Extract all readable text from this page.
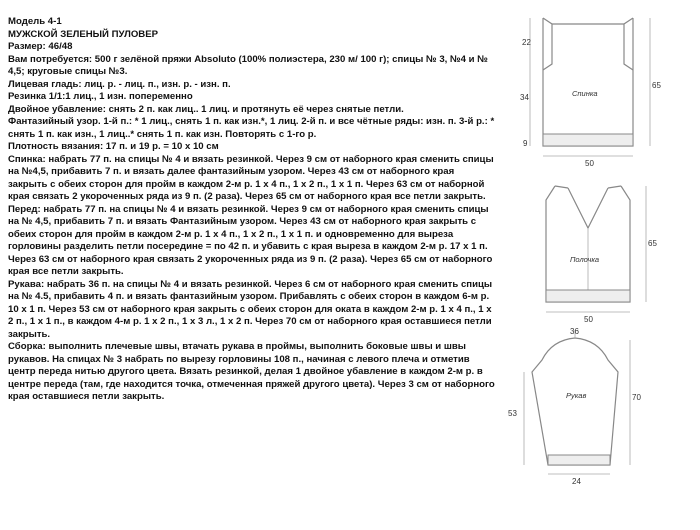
Модель 4-1
МУЖСКОЙ ЗЕЛЕНЫЙ ПУЛОВЕР
Размер: 46/48
Вам потребуется: 500 г зелёной пряжи Absoluto (100% полиэстера, 230 м/ 100 г); спицы № 3, №4 и № 4,5; круговые спицы №3.
Лицевая гладь: лиц. р. - лиц. п., изн. р. - изн. п.
Резинка 1/1:1 лиц., 1 изн. попеременно
Двойное убавление: снять 2 п. как лиц.. 1 лиц. и протянуть её через снятые петли.
Фантазийный узор. 1-й п.: * 1 лиц., снять 1 п. как изн.*, 1 лиц. 2-й п. и все чётные ряды: изн. п. 3-й р.: * снять 1 п. как изн., 1 лиц..* снять 1 п. как изн. Повторять с 1-го р.
Плотность вязания: 17 п. и 19 р. = 10 х 10 см
Спинка: набрать 77 п. на спицы № 4 и вязать резинкой. Через 9 см от наборного края сменить спицы на №4,5, прибавить 7 п. и вязать далее фантазийным узором. Через 43 см от наборного края закрыть с обеих сторон для пройм в каждом 2-м р. 1 х 4 п., 1 х 2 п., 1 х 1 п. Через 63 см от наборной края связать 2 укороченных ряда из 9 п. (2 раза). Через 65 см от наборного края все петли закрыть.
Перед: набрать 77 п. на спицы № 4 и вязать резинкой. Через 9 см от наборного края сменить спицы на № 4,5, прибавить 7 п. и вязать Фантазийным узором. Через 43 см от наборного края закрыть с обеих сторон для пройм в каждом 2-м р. 1 х 4 п., 1 х 2 п., 1 х 1 п. и одновременно для выреза горловины разделить петли посередине = по 42 п. и убавить с края выреза в каждом 2-м р. 17 х 1 п. Через 63 см от наборного края связать 2 укороченных ряда из 9 п. (2 раза). Через 65 см от наборного края все петли закрыть.
Рукава: набрать 36 п. на спицы № 4 и вязать резинкой. Через 6 см от наборного края сменить спицы на № 4.5, прибавить 4 п. и вязать фантазийным узором. Прибавлять с обеих сторон в каждом 6-м р. 10 х 1 п. Через 53 см от наборного края закрыть с обеих сторон для оката в каждом 2-м р. 1 х 4 п., 1 х 2 п., 1 х 1 п., в каждом 4-м р. 1 х 2 п., 1 х 3 л., 1 х 2 п. Через 70 см от наборного края оставшиеся петли закрыть.
Сборка: выполнить плечевые швы, втачать рукава в проймы, выполнить боковые швы и швы рукавов. На спицах № 3 набрать по вырезу горловины 108 п., начиная с левого плеча и отметив центр переда нитью другого цвета. Вязать резинкой, делая 1 двойное убавление в каждом 2-м р. в центре переда (там, где находится точка, отмеченная пряжей другого цвета). Через 3 см от наборного края оставшиеся петли закрыть.
22
34
9
65
50
Спинка
65
50
Полочка
36
53
70
24
Рукав
